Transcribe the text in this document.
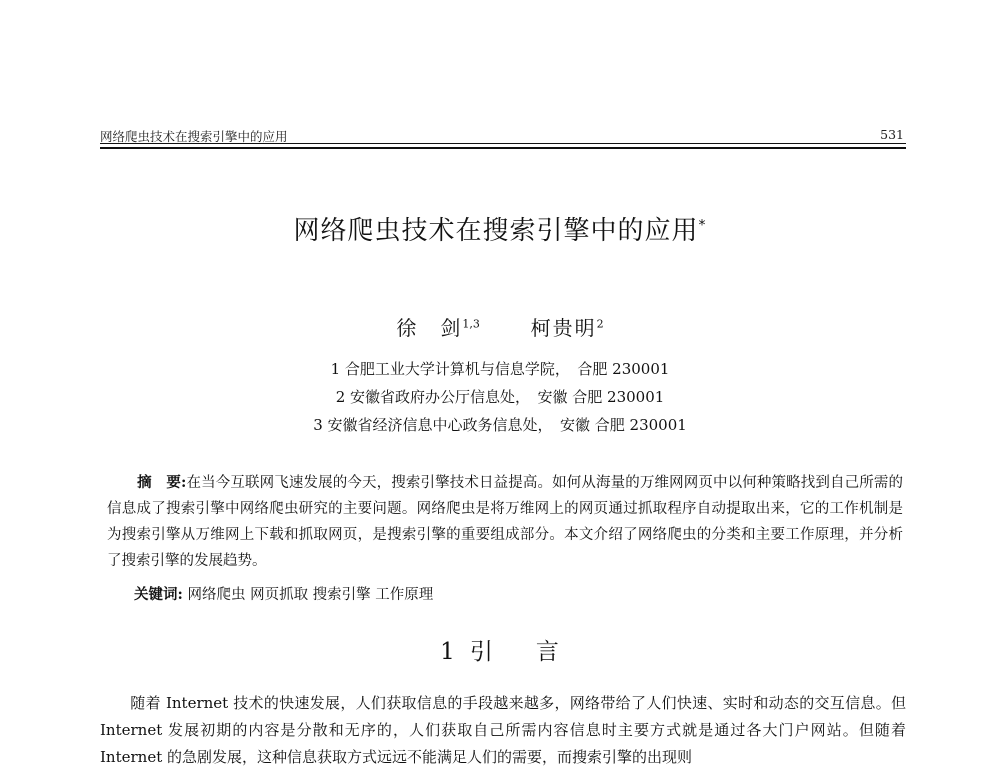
网络爬虫技术在搜索引擎中的应用	531
网络爬虫技术在搜索引擎中的应用*
徐　剑$^{1,3}$	柯贵明$^2$
1 合肥工业大学计算机与信息学院，　合肥 230001
2 安徽省政府办公厅信息处，　安徽 合肥 230001
3 安徽省经济信息中心政务信息处，　安徽 合肥 230001
摘　要:在当今互联网飞速发展的今天，搜索引擎技术日益提高。如何从海量的万维网网页中以何种策略找到自己所需的信息成了搜索引擎中网络爬虫研究的主要问题。网络爬虫是将万维网上的网页通过抓取程序自动提取出来，它的工作机制是为搜索引擎从万维网上下载和抓取网页，是搜索引擎的重要组成部分。本文介绍了网络爬虫的分类和主要工作原理，并分析了搜索引擎的发展趋势。
关键词: 网络爬虫 网页抓取 搜索引擎 工作原理
1 引 言
随着 Internet 技术的快速发展，人们获取信息的手段越来越多，网络带给了人们快速、实时和动态的交互信息。但 Internet 发展初期的内容是分散和无序的，人们获取自己所需内容信息时主要方式就是通过各大门户网站。但随着 Internet 的急剧发展，这种信息获取方式远远不能满足人们的需要，而搜索引擎的出现则
